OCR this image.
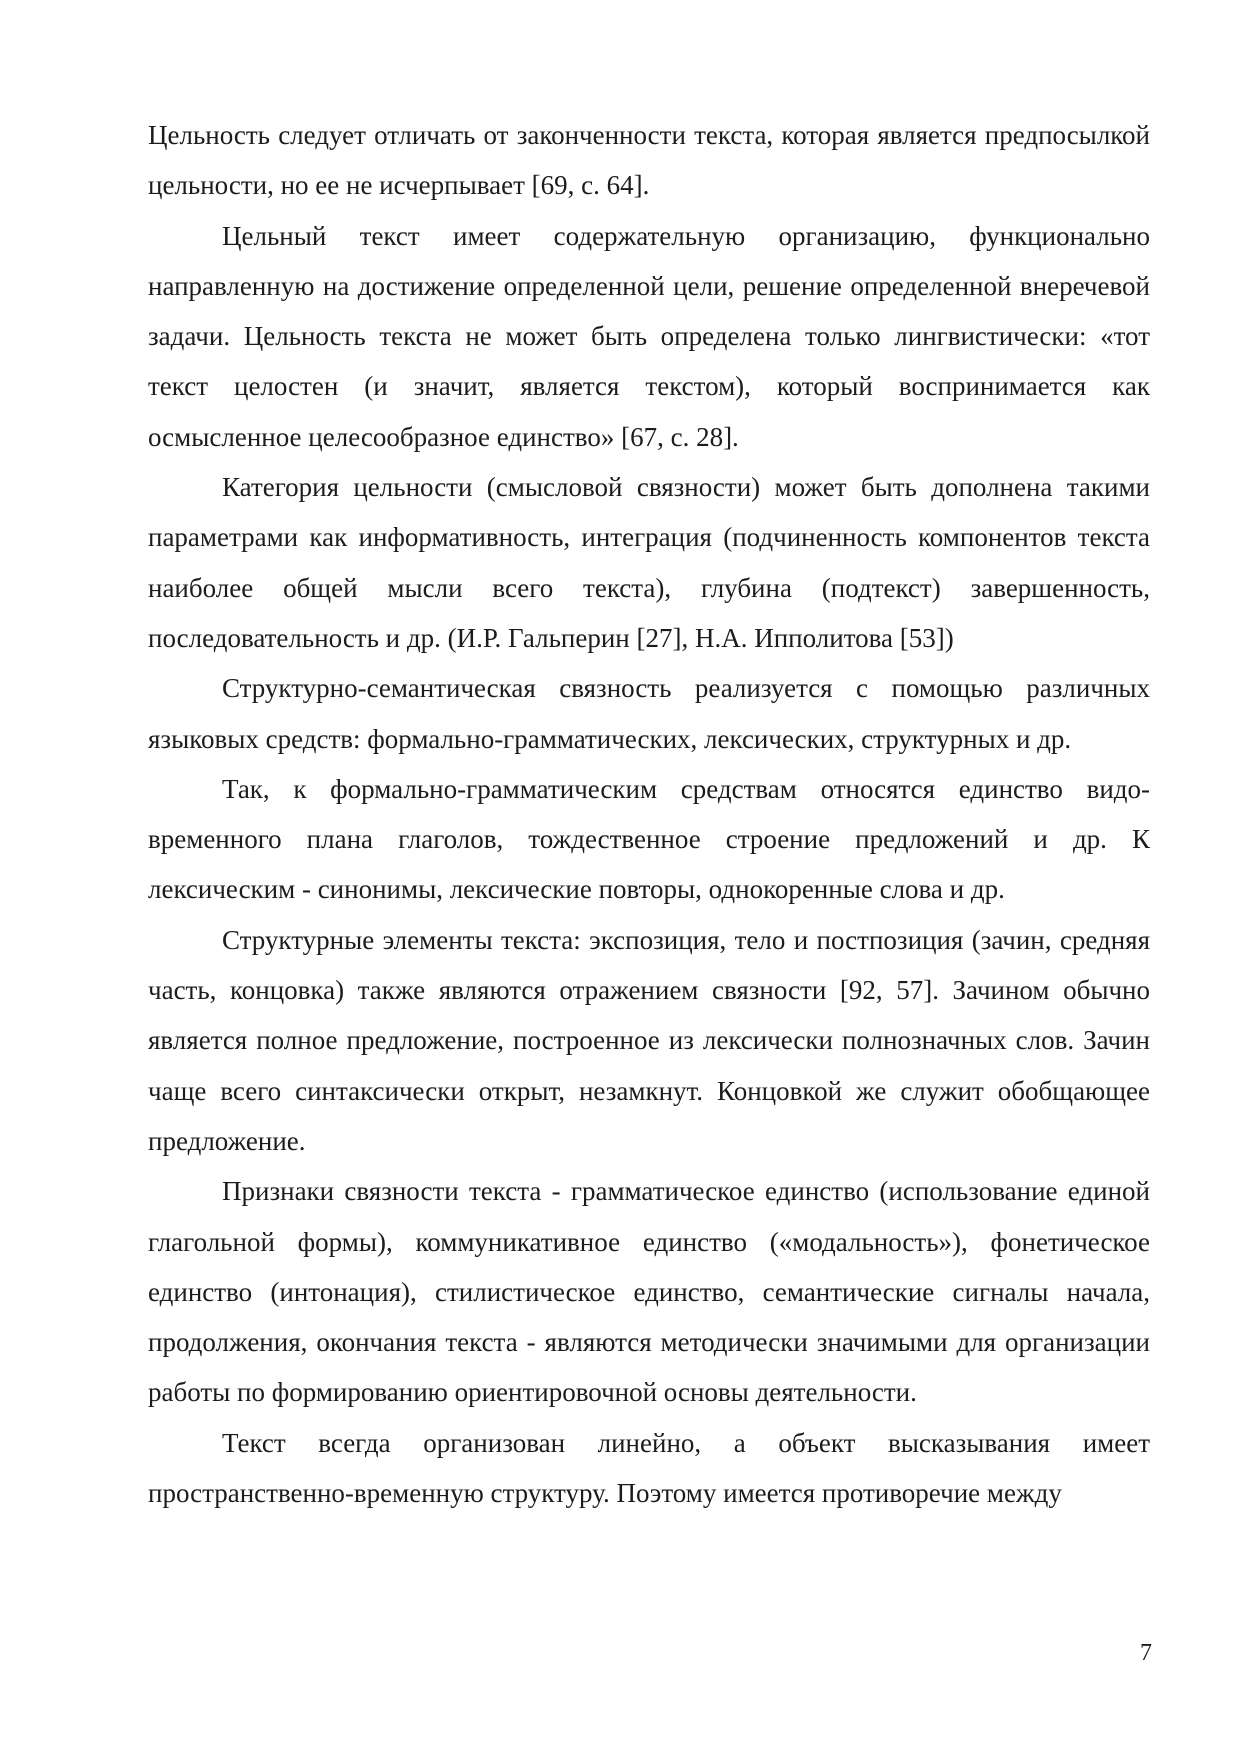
Цельность следует отличать от законченности текста, которая является предпосылкой цельности, но ее не исчерпывает [69, с. 64].

Цельный текст имеет содержательную организацию, функционально направленную на достижение определенной цели, решение определенной внеречевой задачи. Цельность текста не может быть определена только лингвистически: «тот текст целостен (и значит, является текстом), который воспринимается как осмысленное целесообразное единство» [67, с. 28].

Категория цельности (смысловой связности) может быть дополнена такими параметрами как информативность, интеграция (подчиненность компонентов текста наиболее общей мысли всего текста), глубина (подтекст) завершенность, последовательность и др. (И.Р. Гальперин [27], Н.А. Ипполитова [53])

Структурно-семантическая связность реализуется с помощью различных языковых средств: формально-грамматических, лексических, структурных и др.

Так, к формально-грамматическим средствам относятся единство видо-временного плана глаголов, тождественное строение предложений и др. К лексическим - синонимы, лексические повторы, однокоренные слова и др.

Структурные элементы текста: экспозиция, тело и постпозиция (зачин, средняя часть, концовка) также являются отражением связности [92, 57]. Зачином обычно является полное предложение, построенное из лексически полнозначных слов. Зачин чаще всего синтаксически открыт, незамкнут. Концовкой же служит обобщающее предложение.

Признаки связности текста - грамматическое единство (использование единой глагольной формы), коммуникативное единство («модальность»), фонетическое единство (интонация), стилистическое единство, семантические сигналы начала, продолжения, окончания текста - являются методически значимыми для организации работы по формированию ориентировочной основы деятельности.

Текст всегда организован линейно, а объект высказывания имеет пространственно-временную структуру. Поэтому имеется противоречие между

7
